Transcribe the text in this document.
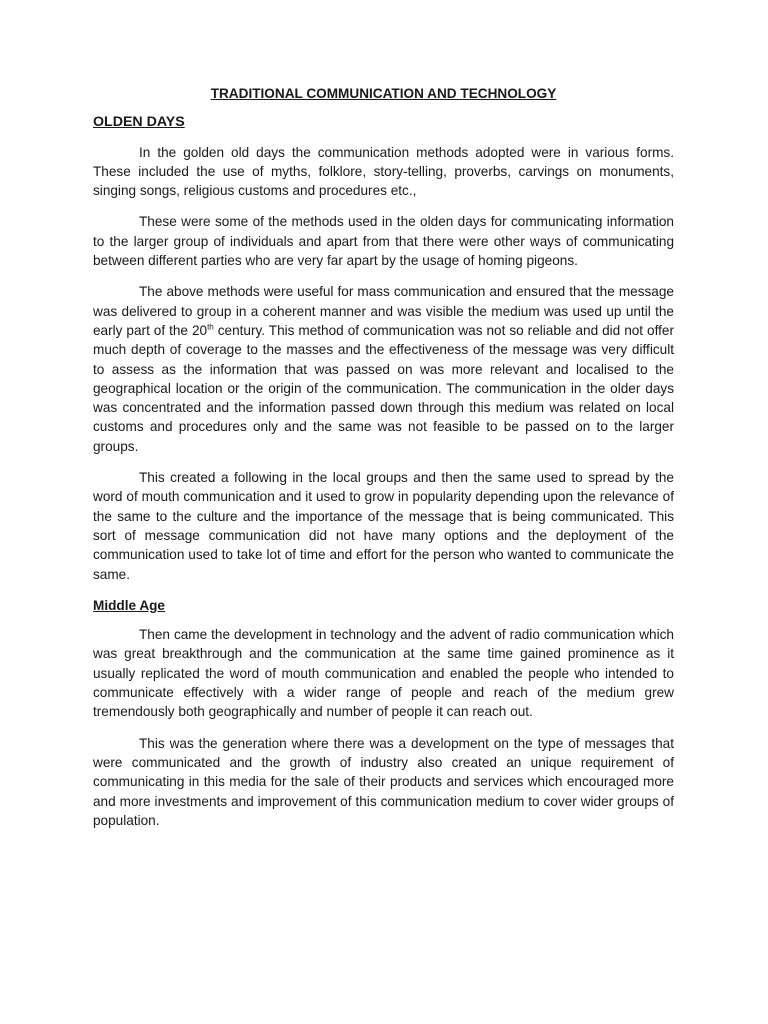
TRADITIONAL COMMUNICATION AND TECHNOLOGY
OLDEN DAYS

In the golden old days the communication methods adopted were in various forms. These included the use of myths, folklore, story-telling, proverbs, carvings on monuments, singing songs, religious customs and procedures etc.,

These were some of the methods used in the olden days for communicating information to the larger group of individuals and apart from that there were other ways of communicating between different parties who are very far apart by the usage of homing pigeons.

The above methods were useful for mass communication and ensured that the message was delivered to group in a coherent manner and was visible the medium was used up until the early part of the 20th century. This method of communication was not so reliable and did not offer much depth of coverage to the masses and the effectiveness of the message was very difficult to assess as the information that was passed on was more relevant and localised to the geographical location or the origin of the communication. The communication in the older days was concentrated and the information passed down through this medium was related on local customs and procedures only and the same was not feasible to be passed on to the larger groups.

This created a following in the local groups and then the same used to spread by the word of mouth communication and it used to grow in popularity depending upon the relevance of the same to the culture and the importance of the message that is being communicated. This sort of message communication did not have many options and the deployment of the communication used to take lot of time and effort for the person who wanted to communicate the same.

Middle Age

Then came the development in technology and the advent of radio communication which was great breakthrough and the communication at the same time gained prominence as it usually replicated the word of mouth communication and enabled the people who intended to communicate effectively with a wider range of people and reach of the medium grew tremendously both geographically and number of people it can reach out.

This was the generation where there was a development on the type of messages that were communicated and the growth of industry also created an unique requirement of communicating in this media for the sale of their products and services which encouraged more and more investments and improvement of this communication medium to cover wider groups of population.
